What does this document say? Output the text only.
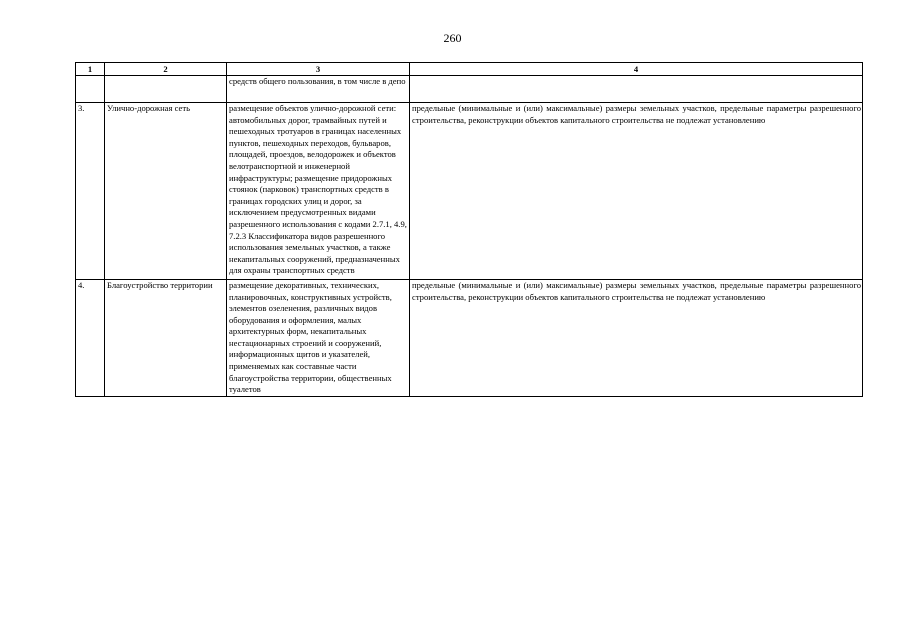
260
1	2	3	4
		средств общего пользования, в том числе в депо	
3.	Улично-дорожная сеть	размещение объектов улично-дорожной сети: автомобильных дорог, трамвайных путей и пешеходных тротуаров в границах населенных пунктов, пешеходных переходов, бульваров, площадей, проездов, велодорожек и объектов велотранспортной и инженерной инфраструктуры; размещение придорожных стоянок (парковок) транспортных средств в границах городских улиц и дорог, за исключением предусмотренных видами разрешенного использования с кодами 2.7.1, 4.9, 7.2.3 Классификатора видов разрешенного использования земельных участков, а также некапитальных сооружений, предназначенных для охраны транспортных средств	предельные (минимальные и (или) максимальные) размеры земельных участков, предельные параметры разрешенного строительства, реконструкции объектов капитального строительства не подлежат установлению
4.	Благоустройство территории	размещение декоративных, технических, планировочных, конструктивных устройств, элементов озеленения, различных видов оборудования и оформления, малых архитектурных форм, некапитальных нестационарных строений и сооружений, информационных щитов и указателей, применяемых как составные части благоустройства территории, общественных туалетов	предельные (минимальные и (или) максимальные) размеры земельных участков, предельные параметры разрешенного строительства, реконструкции объектов капитального строительства не подлежат установлению
